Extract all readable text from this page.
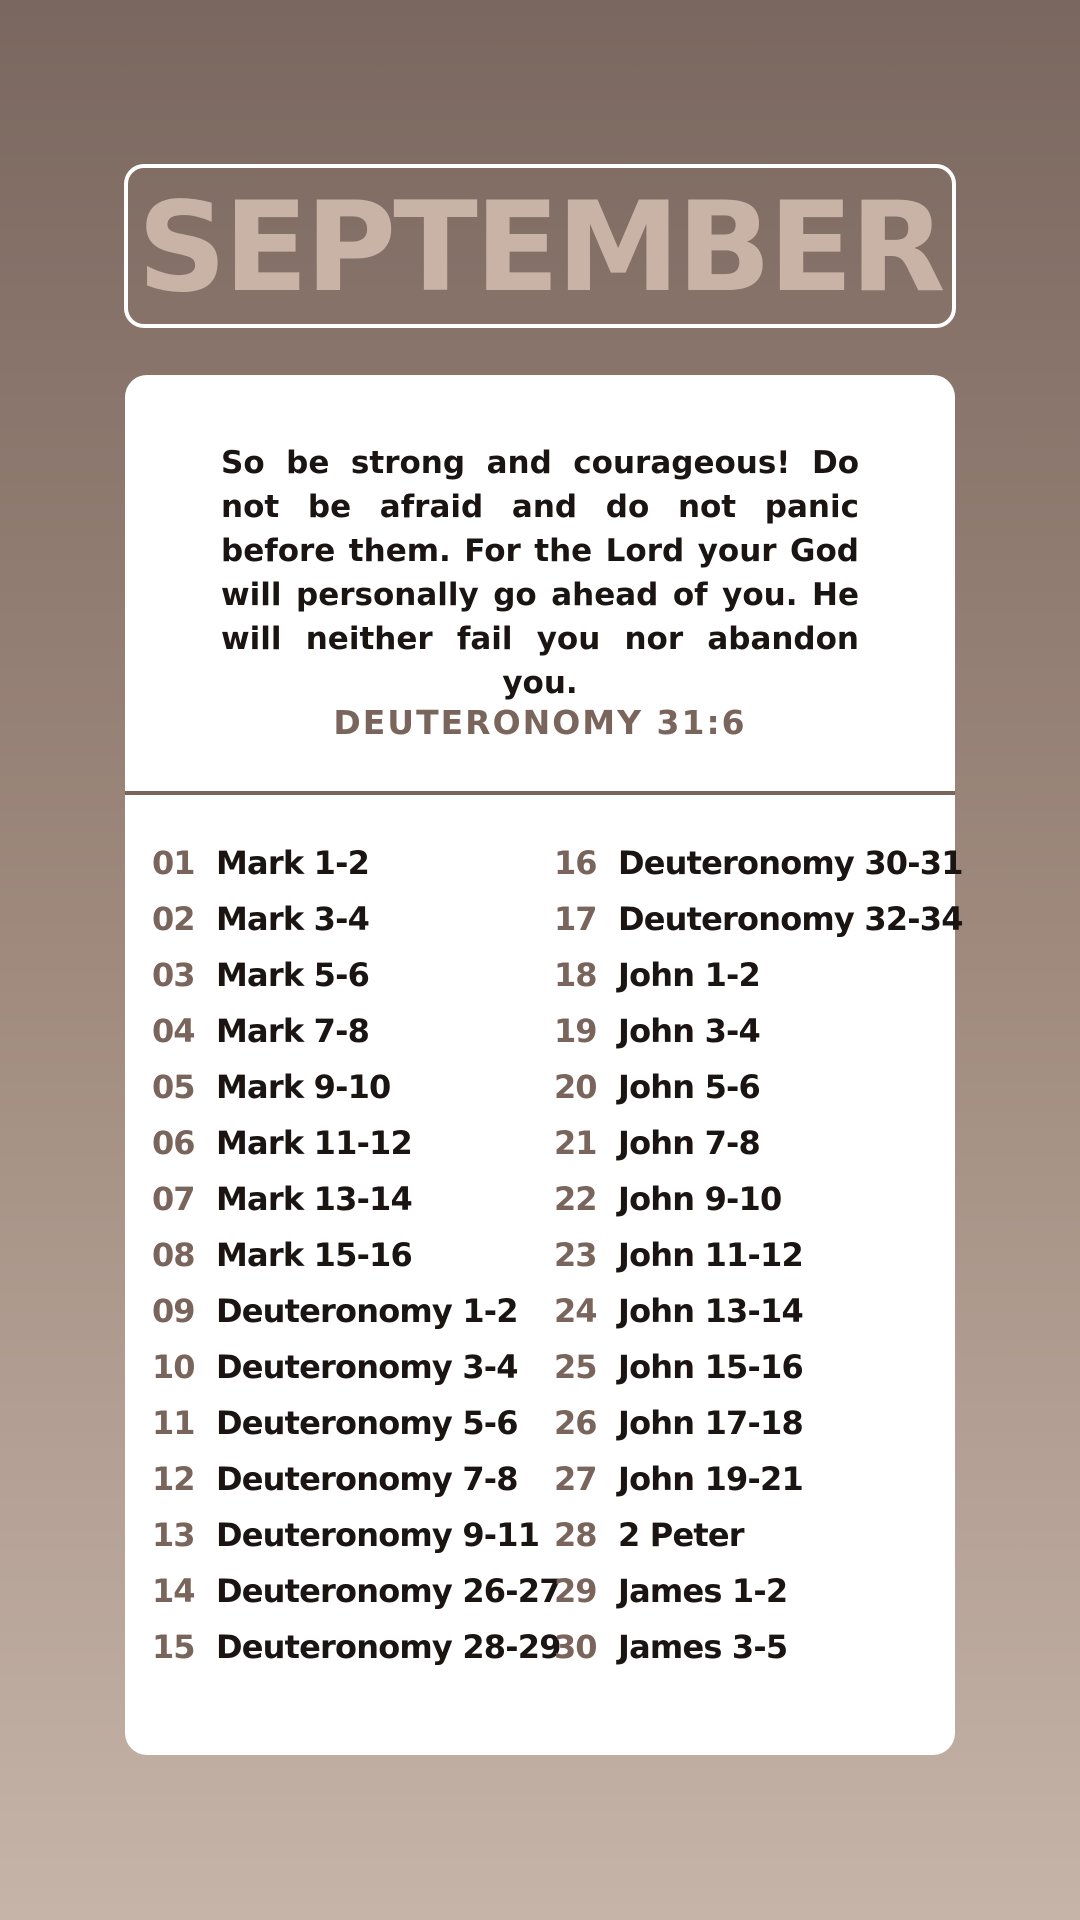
SEPTEMBER
So be strong and courageous! Do not be afraid and do not panic before them. For the Lord your God will personally go ahead of you. He will neither fail you nor abandon you.
DEUTERONOMY 31:6
01 Mark 1-2
02 Mark 3-4
03 Mark 5-6
04 Mark 7-8
05 Mark 9-10
06 Mark 11-12
07 Mark 13-14
08 Mark 15-16
09 Deuteronomy 1-2
10 Deuteronomy 3-4
11 Deuteronomy 5-6
12 Deuteronomy 7-8
13 Deuteronomy 9-11
14 Deuteronomy 26-27
15 Deuteronomy 28-29
16 Deuteronomy 30-31
17 Deuteronomy 32-34
18 John 1-2
19 John 3-4
20 John 5-6
21 John 7-8
22 John 9-10
23 John 11-12
24 John 13-14
25 John 15-16
26 John 17-18
27 John 19-21
28 2 Peter
29 James 1-2
30 James 3-5
